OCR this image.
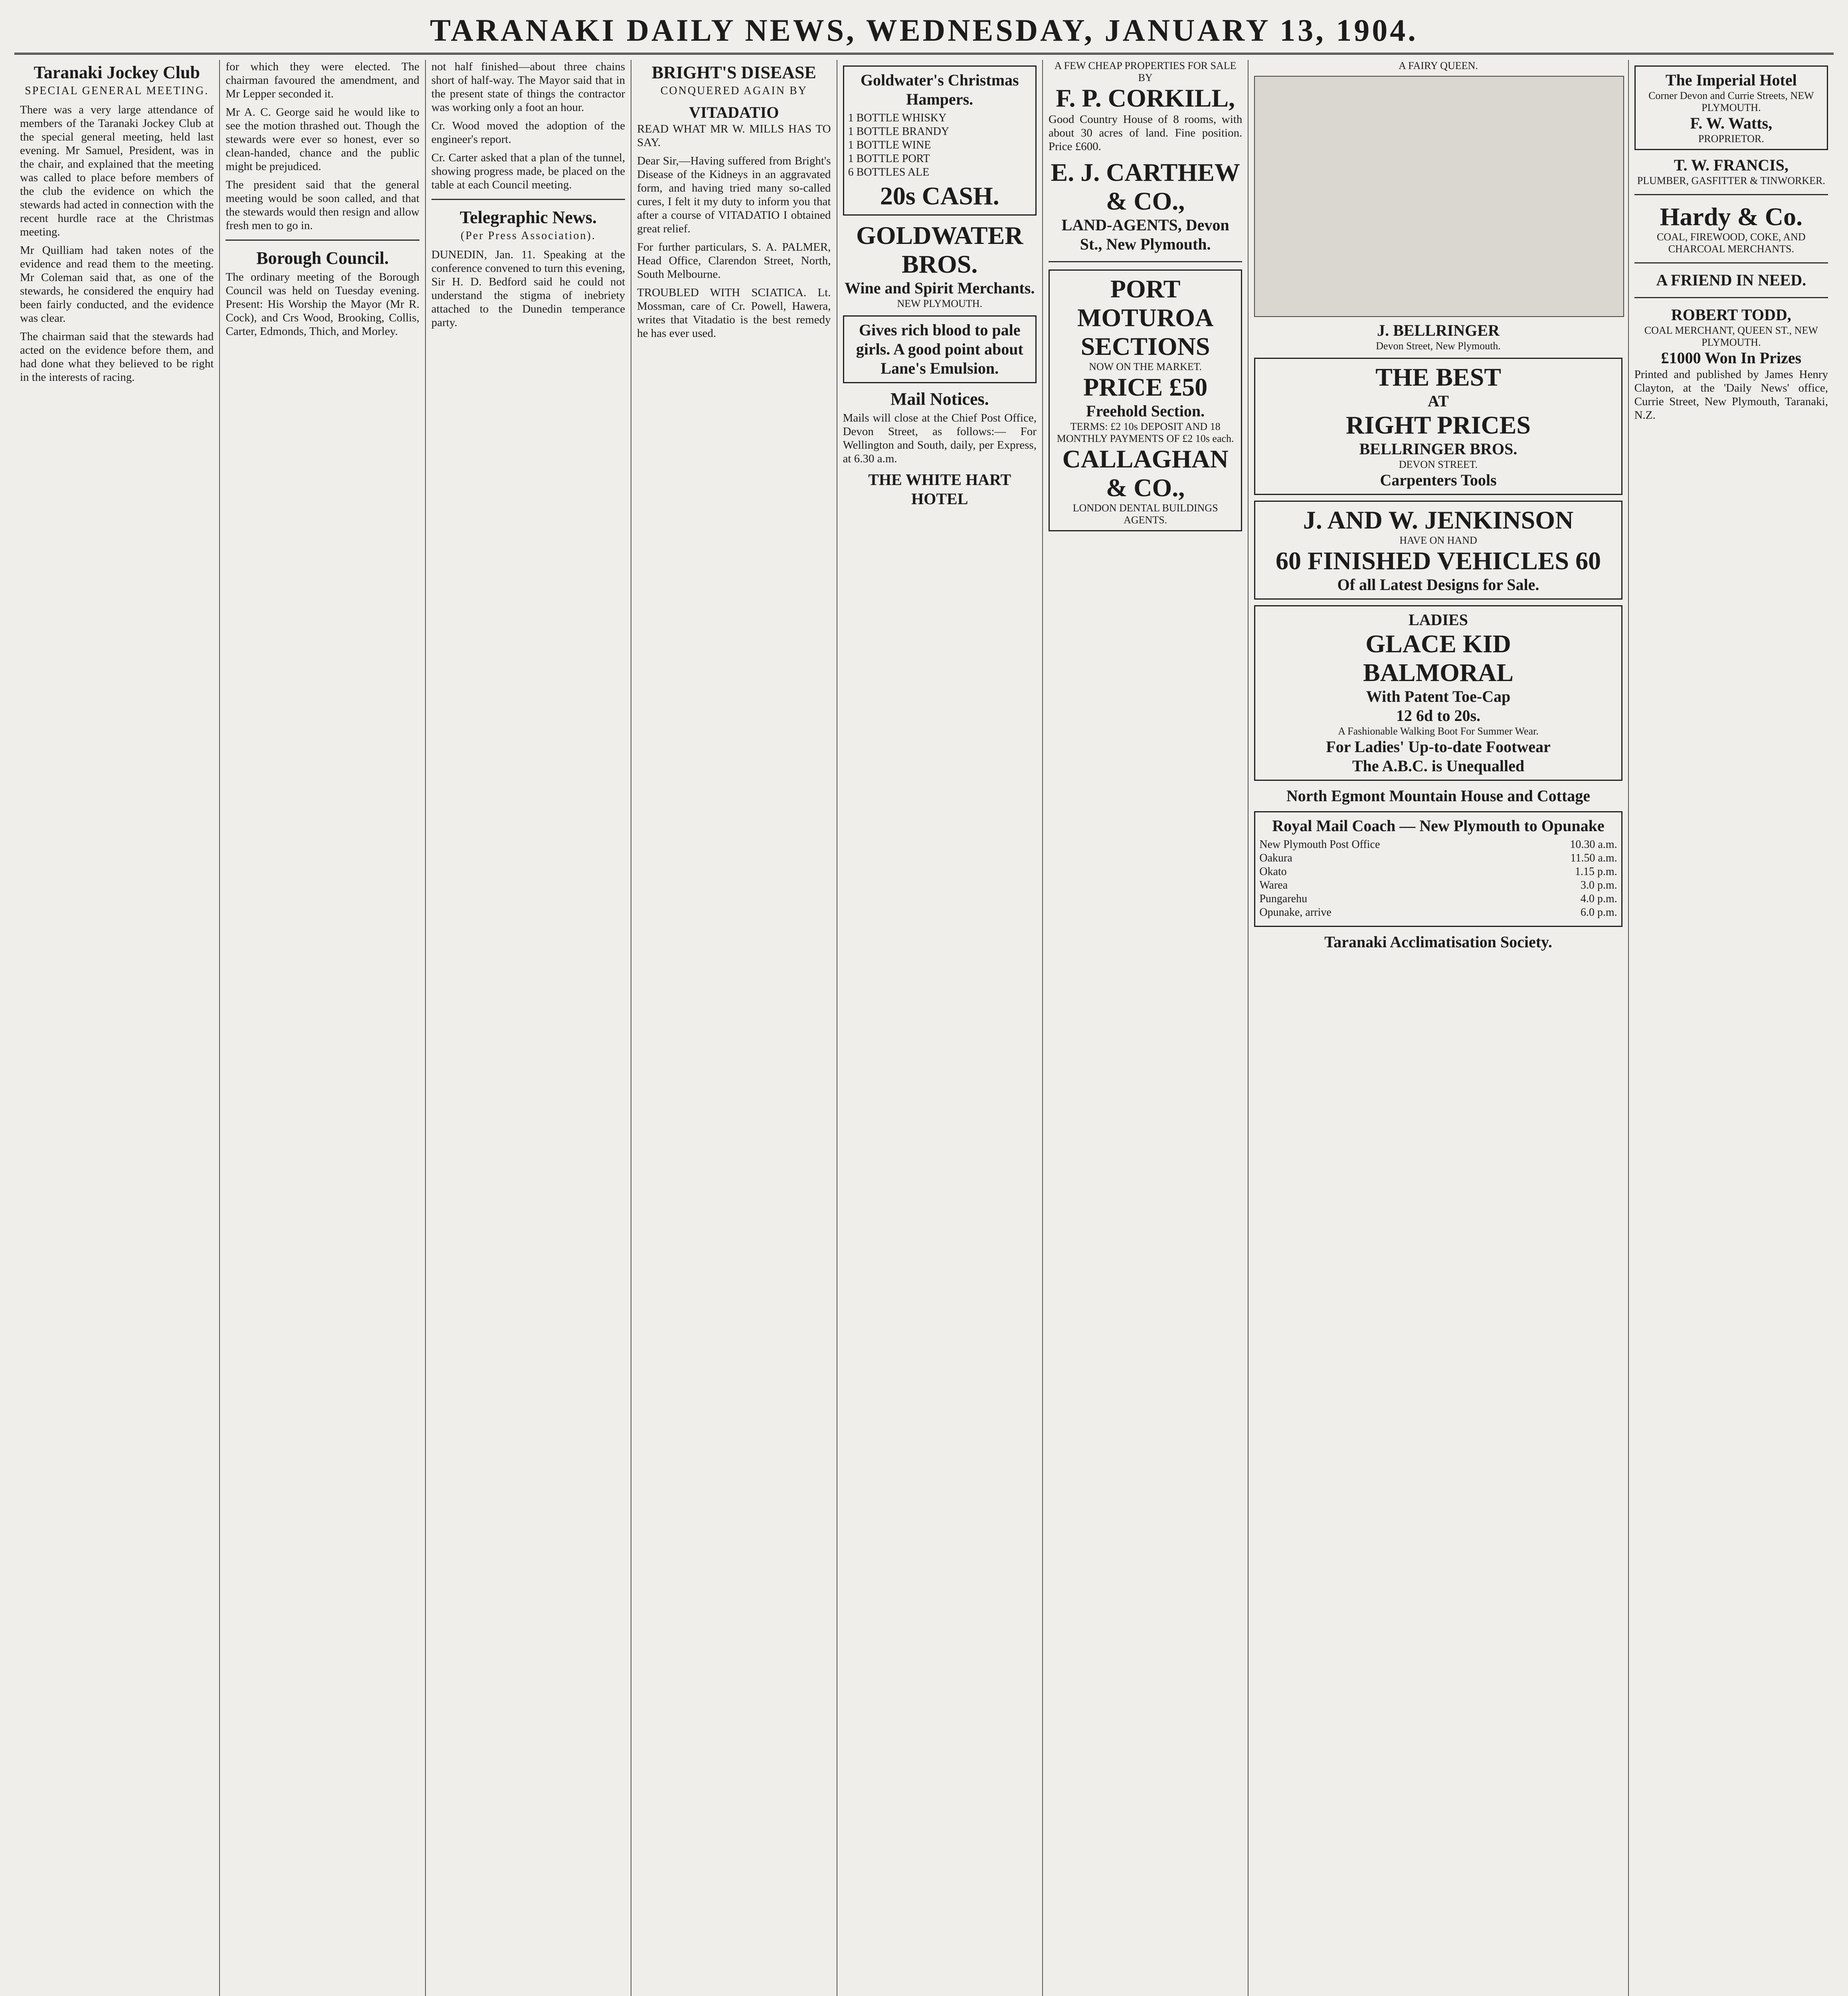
TARANAKI DAILY NEWS, WEDNESDAY, JANUARY 13, 1904.
Taranaki Jockey Club
SPECIAL GENERAL MEETING.

There was a very large attendance of members of the Taranaki Jockey Club at the special general meeting, held last evening. Mr Samuel, President, was in the chair, and explained that the meeting was called to place before members of the club the evidence on which the stewards had acted in connection with the recent hurdle race at the Christmas meeting.

Mr Quilliam had taken notes of the evidence and read them to the meeting. Mr Coleman said that, as one of the stewards, he considered the enquiry had been fairly conducted, and the evidence was clear.

The chairman said that the stewards had acted on the evidence before them, and had done what they believed to be right in the interests of racing.

for which they were elected. The chairman favoured the amendment, and Mr Lepper seconded it.

Mr A. C. George said he would like to see the motion thrashed out. Though the stewards were ever so honest, ever so clean-handed, chance and the public might be prejudiced.

The president said that the general meeting would be soon called, and that the stewards would then resign and allow fresh men to go in.

Borough Council.

The ordinary meeting of the Borough Council was held on Tuesday evening. Present: His Worship the Mayor (Mr R. Cock), and Crs Wood, Brooking, Collis, Carter, Edmonds, Thich, and Morley.

not half finished—about three chains short of half-way. The Mayor said that in the present state of things the contractor was working only a foot an hour.

Cr. Wood moved the adoption of the engineer's report.

Cr. Carter asked that a plan of the tunnel, showing progress made, be placed on the table at each Council meeting.

Telegraphic News.
(Per Press Association).

DUNEDIN, Jan. 11. Speaking at the conference convened to turn this evening, Sir H. D. Bedford said he could not understand the stigma of inebriety attached to the Dunedin temperance party.

BRIGHT'S DISEASE
CONQUERED AGAIN BY
VITADATIO

READ WHAT MR W. MILLS HAS TO SAY.

Dear Sir,—Having suffered from Bright's Disease of the Kidneys in an aggravated form, and having tried many so-called cures, I felt it my duty to inform you that after a course of VITADATIO I obtained great relief.

For further particulars, S. A. PALMER, Head Office, Clarendon Street, North, South Melbourne.

TROUBLED WITH SCIATICA. Lt. Mossman, care of Cr. Powell, Hawera, writes that Vitadatio is the best remedy he has ever used.

Goldwater's Christmas Hampers.
1 BOTTLE WHISKY
1 BOTTLE BRANDY
1 BOTTLE WINE
1 BOTTLE PORT
6 BOTTLES ALE
20s CASH.
GOLDWATER BROS.
Wine and Spirit Merchants.
NEW PLYMOUTH.
Gives rich blood to pale girls. A good point about Lane's Emulsion.
Mail Notices.

Mails will close at the Chief Post Office, Devon Street, as follows:— For Wellington and South, daily, per Express, at 6.30 a.m.

THE WHITE HART HOTEL
A FEW CHEAP PROPERTIES FOR SALE BY
F. P. CORKILL,

Good Country House of 8 rooms, with about 30 acres of land. Fine position. Price £600.

E. J. CARTHEW & CO.,
LAND-AGENTS, Devon St., New Plymouth.
PORT MOTUROA
SECTIONS
NOW ON THE MARKET.
PRICE £50
Freehold Section.
TERMS: £2 10s DEPOSIT AND 18 MONTHLY PAYMENTS OF £2 10s each.
CALLAGHAN & CO.,
LONDON DENTAL BUILDINGS AGENTS.
A FAIRY QUEEN.
J. BELLRINGER
Devon Street, New Plymouth.
THE BEST
AT
RIGHT PRICES
BELLRINGER BROS.
DEVON STREET.
Carpenters Tools
J. AND W. JENKINSON
HAVE ON HAND
60 FINISHED VEHICLES 60
Of all Latest Designs for Sale.
LADIES
GLACE KID
BALMORAL
With Patent Toe-Cap
12 6d to 20s.
A Fashionable Walking Boot For Summer Wear.
For Ladies' Up-to-date Footwear
The A.B.C. is Unequalled
North Egmont Mountain House and Cottage
Royal Mail Coach — New Plymouth to Opunake
New Plymouth Post Office	10.30 a.m.
Oakura	11.50 a.m.
Okato	1.15 p.m.
Warea	3.0 p.m.
Pungarehu	4.0 p.m.
Opunake, arrive	6.0 p.m.
Taranaki Acclimatisation Society.
The Imperial Hotel
Corner Devon and Currie Streets, NEW PLYMOUTH.
F. W. Watts,
PROPRIETOR.
T. W. FRANCIS,
PLUMBER, GASFITTER & TINWORKER.
Hardy & Co.
COAL, FIREWOOD, COKE, AND CHARCOAL MERCHANTS.
A FRIEND IN NEED.
ROBERT TODD,
COAL MERCHANT, QUEEN ST., NEW PLYMOUTH.
£1000 Won In Prizes

Printed and published by James Henry Clayton, at the 'Daily News' office, Currie Street, New Plymouth, Taranaki, N.Z.
